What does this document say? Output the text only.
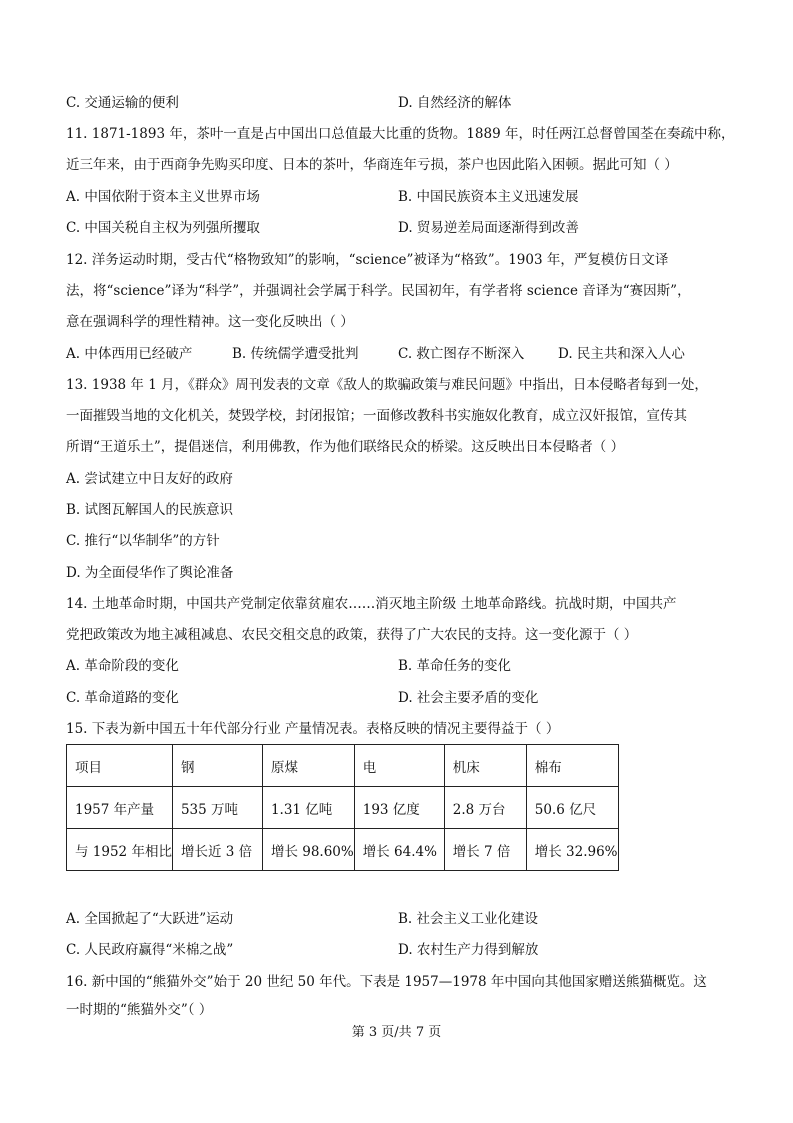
C. 交通运输的便利	D. 自然经济的解体
11. 1871-1893 年，茶叶一直是占中国出口总值最大比重的货物。1889 年，时任两江总督曾国荃在奏疏中称，
近三年来，由于西商争先购买印度、日本的茶叶，华商连年亏损，茶户也因此陷入困顿。据此可知（ ）
A. 中国依附于资本主义世界市场	B. 中国民族资本主义迅速发展
C. 中国关税自主权为列强所攫取	D. 贸易逆差局面逐渐得到改善
12. 洋务运动时期，受古代“格物致知”的影响，“science”被译为“格致”。1903 年，严复模仿日文译
法，将“science”译为“科学”，并强调社会学属于科学。民国初年，有学者将 science 音译为“赛因斯”，
意在强调科学的理性精神。这一变化反映出（ ）
A. 中体西用已经破产	B. 传统儒学遭受批判	C. 救亡图存不断深入 D. 民主共和深入人心
13. 1938 年 1 月，《群众》周刊发表的文章《敌人的欺骗政策与难民问题》中指出，日本侵略者每到一处，
一面摧毁当地的文化机关，焚毁学校，封闭报馆；一面修改教科书实施奴化教育，成立汉奸报馆，宣传其
所谓“王道乐土”，提倡迷信，利用佛教，作为他们联络民众的桥梁。这反映出日本侵略者（ ）
A. 尝试建立中日友好的政府
B. 试图瓦解国人的民族意识
C. 推行“以华制华”的方针
D. 为全面侵华作了舆论准备
14. 土地革命时期，中国共产党制定依靠贫雇农……消灭地主阶级 土地革命路线。抗战时期，中国共产
党把政策改为地主减租减息、农民交租交息的政策，获得了广大农民的支持。这一变化源于（ ）
A. 革命阶段的变化	B. 革命任务的变化
C. 革命道路的变化	D. 社会主要矛盾的变化
15. 下表为新中国五十年代部分行业 产量情况表。表格反映的情况主要得益于（ ）
项目	钢	原煤	电	机床	棉布
1957 年产量	535 万吨	1.31 亿吨	193 亿度	2.8 万台	50.6 亿尺
与 1952 年相比	增长近 3 倍	增长 98.60%	增长 64.4%	增长 7 倍	增长 32.96%
A. 全国掀起了“大跃进”运动	B. 社会主义工业化建设
C. 人民政府赢得“米棉之战”	D. 农村生产力得到解放
16. 新中国的“熊猫外交”始于 20 世纪 50 年代。下表是 1957—1978 年中国向其他国家赠送熊猫概览。这
一时期的“熊猫外交”（ ）
第 3 页/共 7 页
